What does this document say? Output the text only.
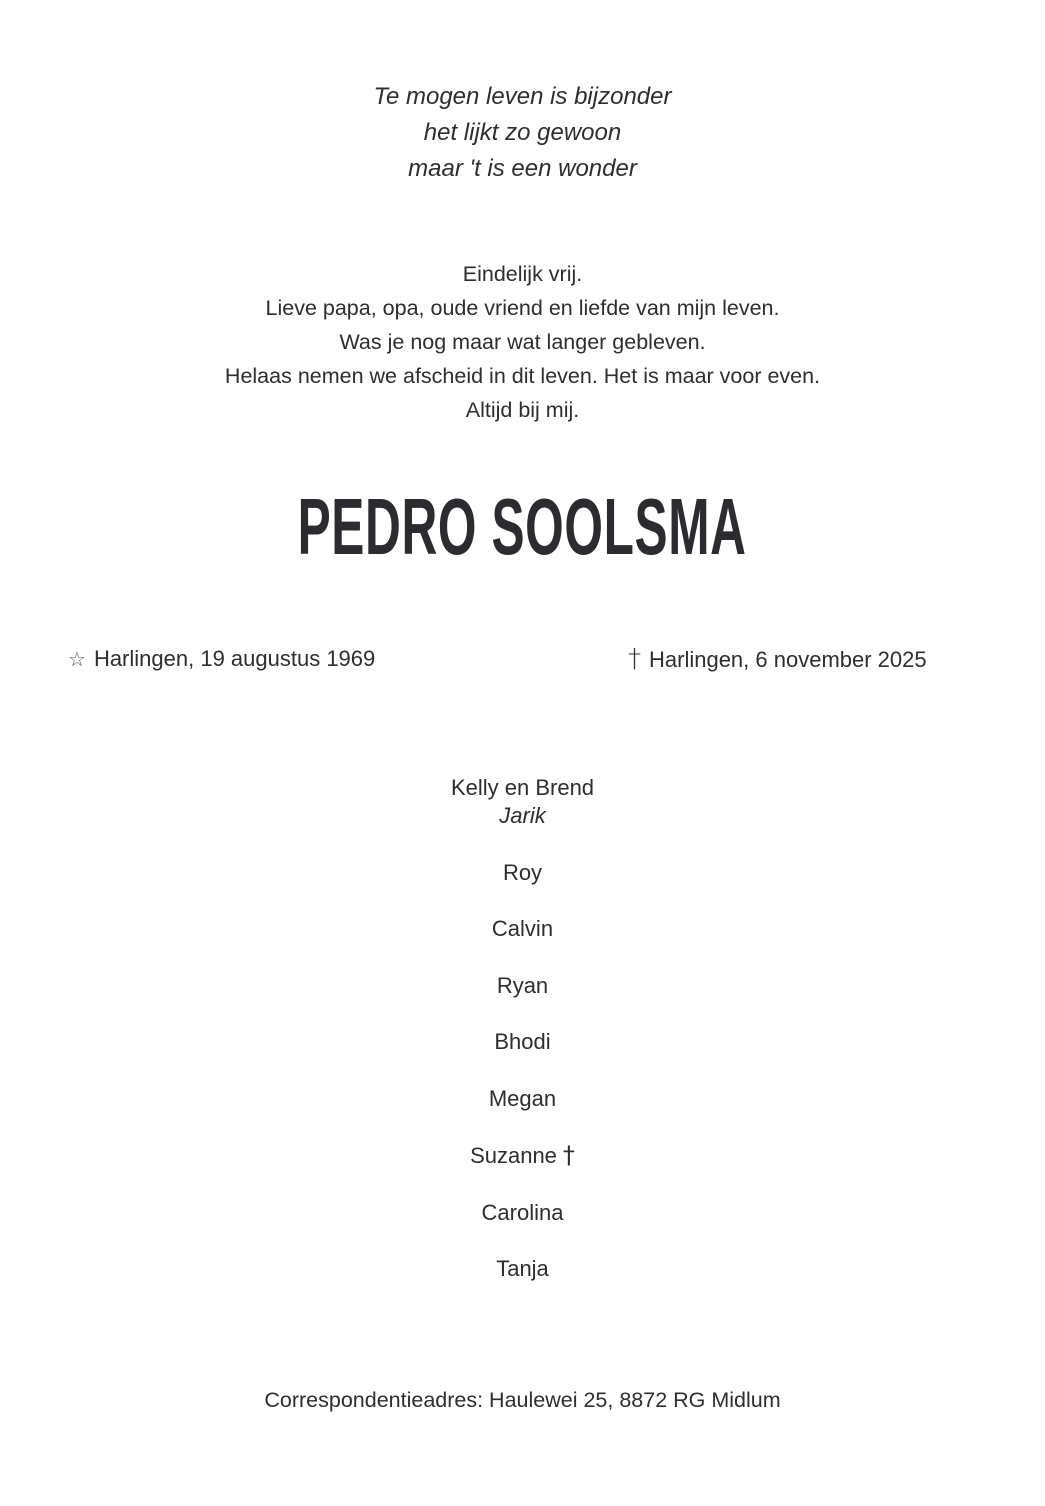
Te mogen leven is bijzonder
het lijkt zo gewoon
maar 't is een wonder
Eindelijk vrij.
Lieve papa, opa, oude vriend en liefde van mijn leven.
Was je nog maar wat langer gebleven.
Helaas nemen we afscheid in dit leven. Het is maar voor even.
Altijd bij mij.
PEDRO SOOLSMA
☆ Harlingen, 19 augustus 1969	† Harlingen, 6 november 2025
Kelly en Brend
Jarik
Roy
Calvin
Ryan
Bhodi
Megan
Suzanne †
Carolina
Tanja
Correspondentieadres: Haulewei 25, 8872 RG Midlum
